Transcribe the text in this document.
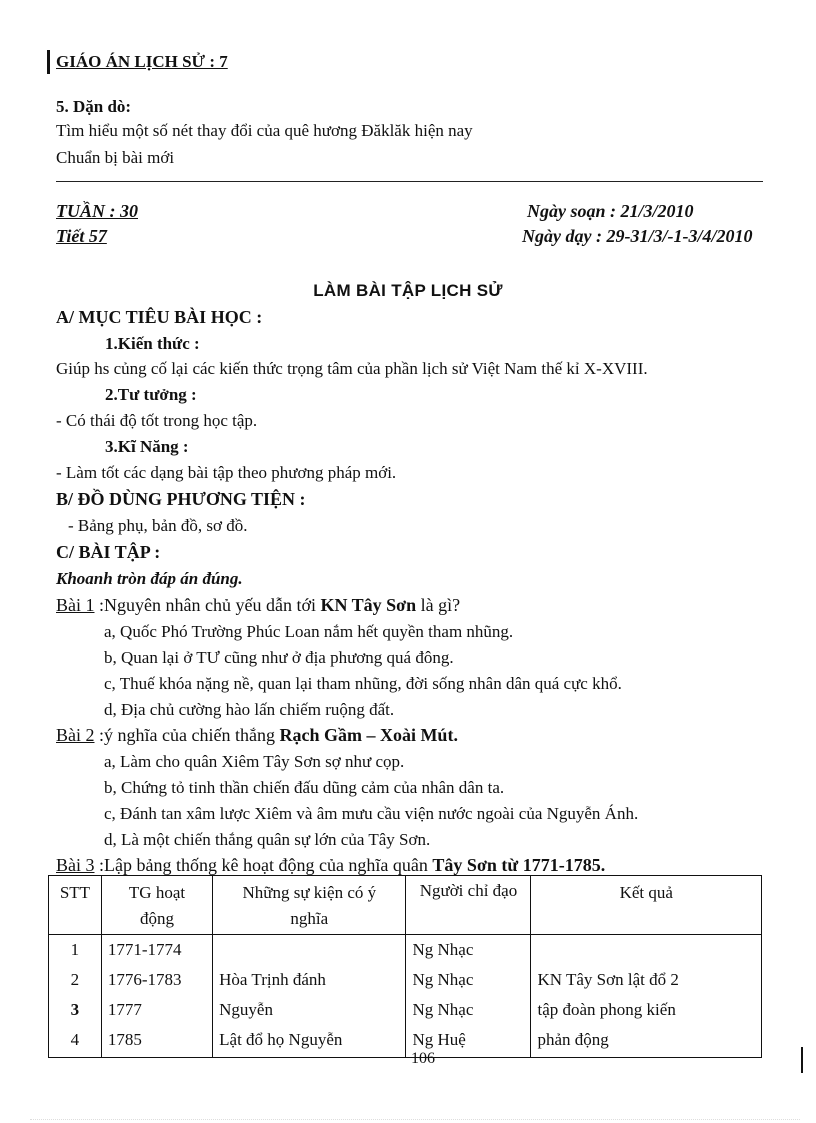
GIÁO ÁN LỊCH SỬ : 7
5. Dặn dò:
Tìm hiểu một số nét thay đổi của quê hương Đăklăk hiện nay
Chuẩn bị bài mới
TUẦN : 30
Tiết 57
Ngày soạn : 21/3/2010
Ngày dạy : 29-31/3/-1-3/4/2010
LÀM BÀI TẬP LỊCH SỬ
A/ MỤC TIÊU BÀI HỌC :
1.Kiến thức :
Giúp hs củng cố lại các kiến thức trọng tâm của phần lịch sử Việt Nam thế kỉ X-XVIII.
2.Tư tưởng :
- Có thái độ tốt trong học tập.
3.Kĩ Năng :
- Làm tốt các dạng bài tập theo phương pháp mới.
B/ ĐỒ DÙNG PHƯƠNG TIỆN :
- Bảng phụ, bản đồ, sơ đồ.
C/ BÀI TẬP :
Khoanh tròn đáp án đúng.
Bài 1 :Nguyên nhân chủ yếu dẫn tới KN Tây Sơn là gì?
a, Quốc Phó Trường Phúc Loan nắm hết quyền tham nhũng.
b, Quan lại ở TƯ cũng như ở địa phương quá đông.
c, Thuế khóa nặng nề, quan lại tham nhũng, đời sống nhân dân quá cực khổ.
d, Địa chủ cường hào lấn chiếm ruộng đất.
Bài 2 :ý nghĩa của chiến thắng Rạch Gầm – Xoài Mút.
a, Làm cho quân Xiêm Tây Sơn sợ như cọp.
b, Chứng tỏ tinh thần chiến đấu dũng cảm của nhân dân ta.
c, Đánh tan xâm lược Xiêm và âm mưu cầu viện nước ngoài của Nguyễn Ánh.
d, Là một chiến thắng quân sự lớn của Tây Sơn.
Bài 3 :Lập bảng thống kê hoạt động của nghĩa quân Tây Sơn từ 1771-1785.
STT	TG hoạt động	Những sự kiện có ý nghĩa	Người chỉ đạo	Kết quả
1	1771-1774		Ng Nhạc	
2	1776-1783	Hòa Trịnh đánh	Ng Nhạc	KN Tây Sơn lật đổ 2
3	1777	Nguyễn	Ng Nhạc	tập đoàn phong kiến
4	1785	Lật đổ họ Nguyễn	Ng Huệ	phản động
106
